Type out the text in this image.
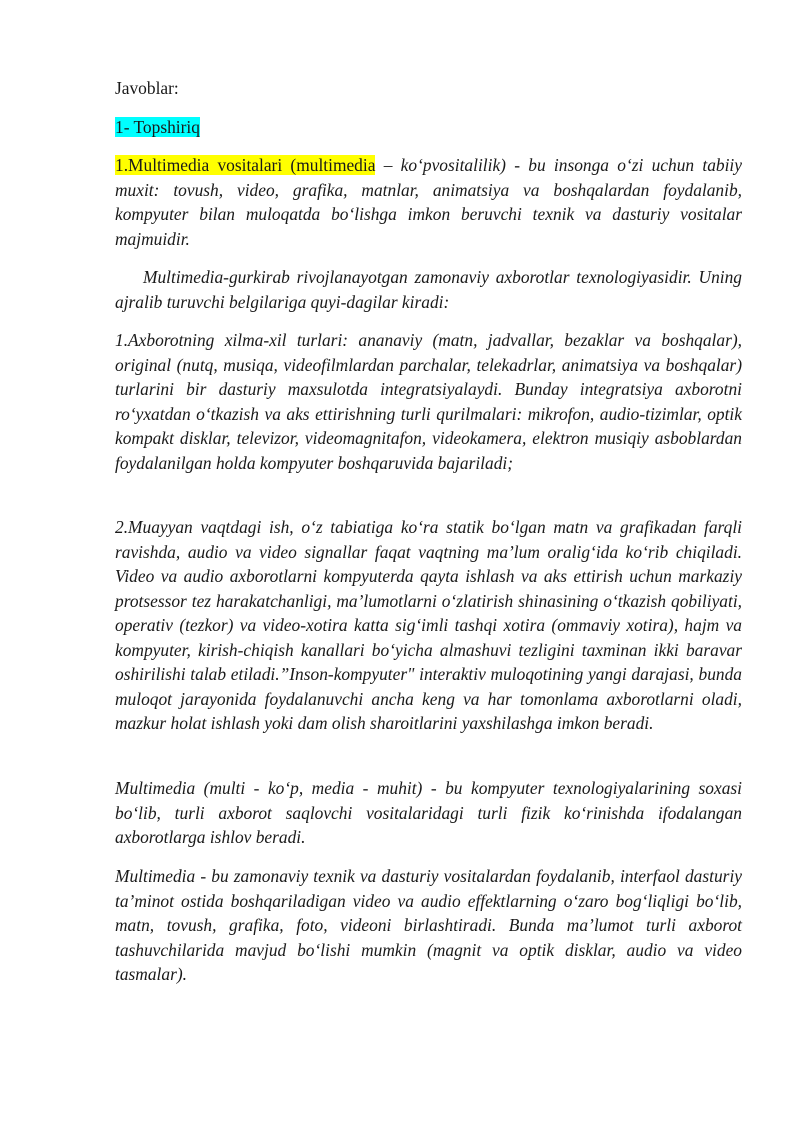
Javoblar:
1- Topshiriq
1.Multimedia vositalari (multimedia – ko‘pvositalilik) - bu insonga o‘zi uchun tabiiy muxit: tovush, video, grafika, matnlar, animatsiya va boshqalardan foydalanib, kompyuter bilan muloqatda bo‘lishga imkon beruvchi texnik va dasturiy vositalar majmuidir.
Multimedia-gurkirab rivojlanayotgan zamonaviy axborotlar texnologiyasidir. Uning ajralib turuvchi belgilariga quyi-dagilar kiradi:
1.Axborotning xilma-xil turlari: ananaviy (matn, jadvallar, bezaklar va boshqalar), original (nutq, musiqa, videofilmlardan parchalar, telekadrlar, animatsiya va boshqalar) turlarini bir dasturiy maxsulotda integratsiyalaydi. Bunday integratsiya axborotni ro‘yxatdan o‘tkazish va aks ettirishning turli qurilmalari: mikrofon, audio-tizimlar, optik kompakt disklar, televizor, videomagnitafon, videokamera, elektron musiqiy asboblardan foydalanilgan holda kompyuter boshqaruvida bajariladi;
2.Muayyan vaqtdagi ish, o‘z tabiatiga ko‘ra statik bo‘lgan matn va grafikadan farqli ravishda, audio va video signallar faqat vaqtning ma’lum oralig‘ida ko‘rib chiqiladi. Video va audio axborotlarni kompyuterda qayta ishlash va aks ettirish uchun markaziy protsessor tez harakatchanligi, ma’lumotlarni o‘zlatirish shinasining o‘tkazish qobiliyati, operativ (tezkor) va video-xotira katta sig‘imli tashqi xotira (ommaviy xotira), hajm va kompyuter, kirish-chiqish kanallari bo‘yicha almashuvi tezligini taxminan ikki baravar oshirilishi talab etiladi.”Inson-kompyuter" interaktiv muloqotining yangi darajasi, bunda muloqot jarayonida foydalanuvchi ancha keng va har tomonlama axborotlarni oladi, mazkur holat ishlash yoki dam olish sharoitlarini yaxshilashga imkon beradi.
Multimedia (multi - ko‘p, media - muhit) - bu kompyuter texnologiyalarining soxasi bo‘lib, turli axborot saqlovchi vositalaridagi turli fizik ko‘rinishda ifodalangan axborotlarga ishlov beradi.
Multimedia - bu zamonaviy texnik va dasturiy vositalardan foydalanib, interfaol dasturiy ta’minot ostida boshqariladigan video va audio effektlarning o‘zaro bog‘liqligi bo‘lib, matn, tovush, grafika, foto, videoni birlashtiradi. Bunda ma’lumot turli axborot tashuvchilarida mavjud bo‘lishi mumkin (magnit va optik disklar, audio va video tasmalar).
